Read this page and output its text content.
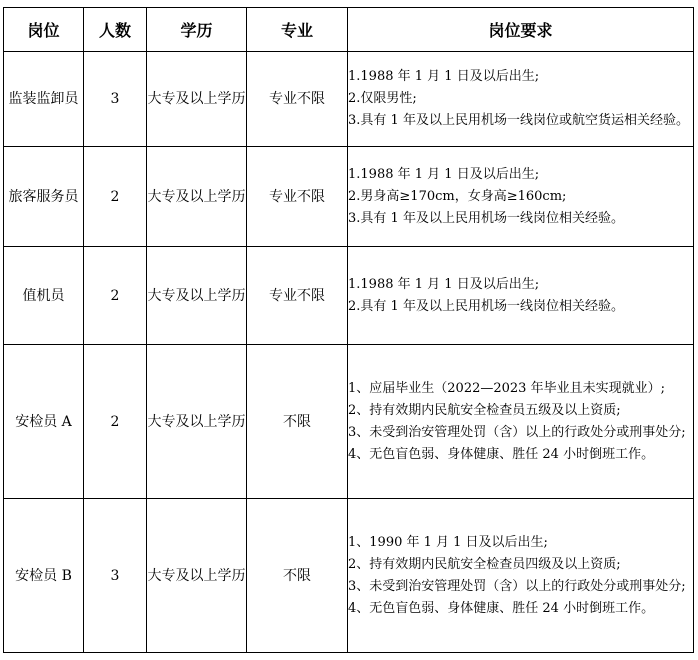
岗位	人数	学历	专业	岗位要求
监装监卸员	3	大专及以上学历	专业不限	1.1988 年 1 月 1 日及以后出生;
2.仅限男性;
3.具有 1 年及以上民用机场一线岗位或航空货运相关经验。

旅客服务员	2	大专及以上学历	专业不限	1.1988 年 1 月 1 日及以后出生;
2.男身高≥170cm，女身高≥160cm;
3.具有 1 年及以上民用机场一线岗位相关经验。

值机员	2	大专及以上学历	专业不限	1.1988 年 1 月 1 日及以后出生;
2.具有 1 年及以上民用机场一线岗位相关经验。

安检员 A	2	大专及以上学历	不限	1、应届毕业生（2022—2023 年毕业且未实现就业）;
2、持有效期内民航安全检查员五级及以上资质;
3、未受到治安管理处罚（含）以上的行政处分或刑事处分;
4、无色盲色弱、身体健康、胜任 24 小时倒班工作。

安检员 B	3	大专及以上学历	不限	1、1990 年 1 月 1 日及以后出生;
2、持有效期内民航安全检查员四级及以上资质;
3、未受到治安管理处罚（含）以上的行政处分或刑事处分;
4、无色盲色弱、身体健康、胜任 24 小时倒班工作。
